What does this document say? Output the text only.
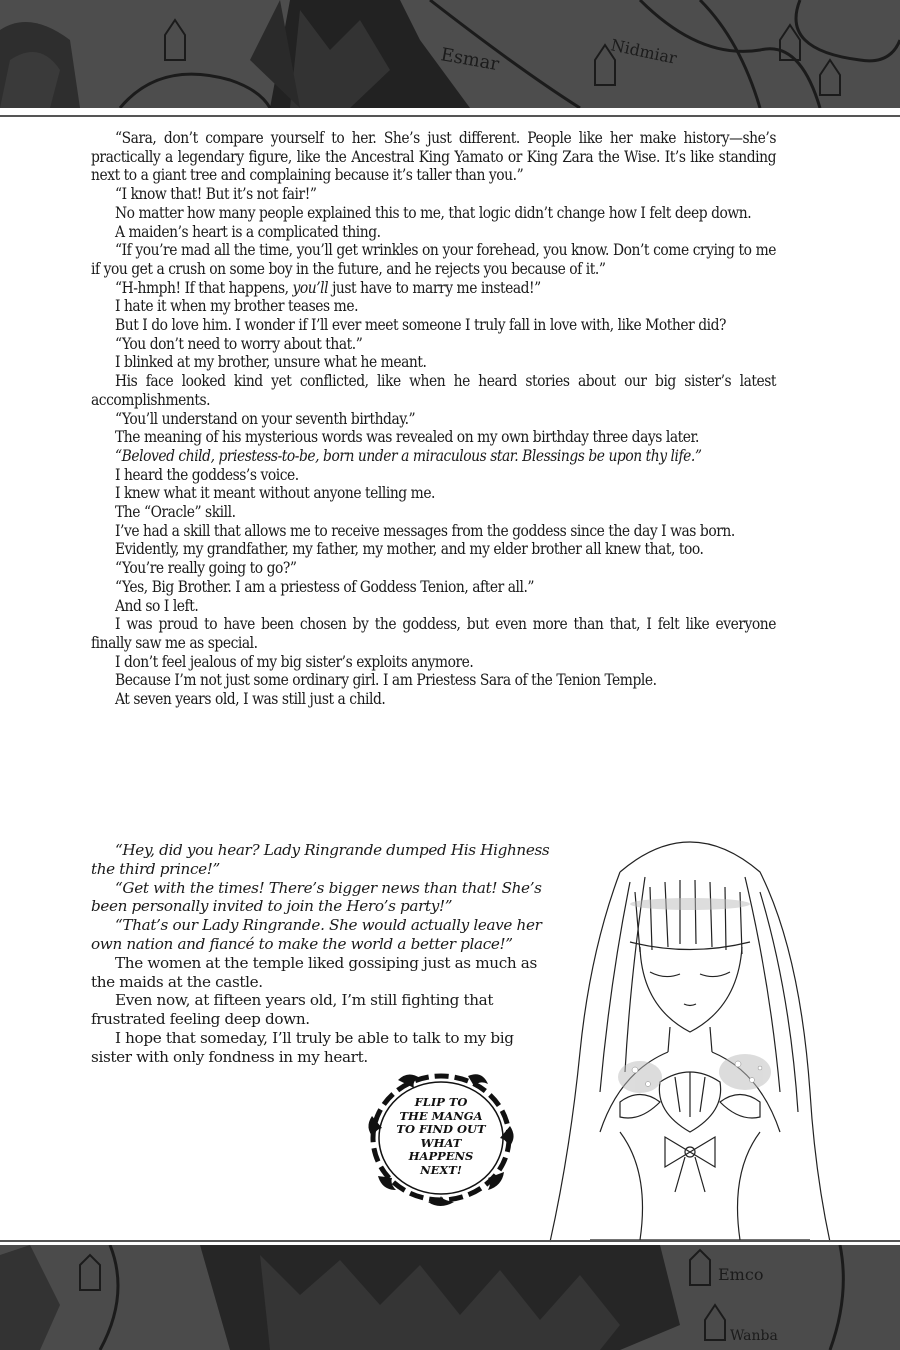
Esmar	Nidmiar

“Sara, don’t compare yourself to her. She’s just different. People like her make history—she’s practically a legendary figure, like the Ancestral King Yamato or King Zara the Wise. It’s like standing next to a giant tree and complaining because it’s taller than you.”

“I know that! But it’s not fair!”

No matter how many people explained this to me, that logic didn’t change how I felt deep down.

A maiden’s heart is a complicated thing.

“If you’re mad all the time, you’ll get wrinkles on your forehead, you know. Don’t come crying to me if you get a crush on some boy in the future, and he rejects you because of it.”

“H-hmph! If that happens, you’ll just have to marry me instead!”

I hate it when my brother teases me.

But I do love him. I wonder if I’ll ever meet someone I truly fall in love with, like Mother did?

“You don’t need to worry about that.”

I blinked at my brother, unsure what he meant.

His face looked kind yet conflicted, like when he heard stories about our big sister’s latest accomplishments.

“You’ll understand on your seventh birthday.”

The meaning of his mysterious words was revealed on my own birthday three days later.

“Beloved child, priestess-to-be, born under a miraculous star. Blessings be upon thy life.”

I heard the goddess’s voice.

I knew what it meant without anyone telling me.

The “Oracle” skill.

I’ve had a skill that allows me to receive messages from the goddess since the day I was born.

Evidently, my grandfather, my father, my mother, and my elder brother all knew that, too.

“You’re really going to go?”

“Yes, Big Brother. I am a priestess of Goddess Tenion, after all.”

And so I left.

I was proud to have been chosen by the goddess, but even more than that, I felt like everyone finally saw me as special.

I don’t feel jealous of my big sister’s exploits anymore.

Because I’m not just some ordinary girl. I am Priestess Sara of the Tenion Temple.

At seven years old, I was still just a child.

“Hey, did you hear? Lady Ringrande dumped His Highness the third prince!”

“Get with the times! There’s bigger news than that! She’s been personally invited to join the Hero’s party!”

“That’s our Lady Ringrande. She would actually leave her own nation and fiancé to make the world a better place!”

The women at the temple liked gossiping just as much as the maids at the castle.

Even now, at fifteen years old, I’m still fighting that frustrated feeling deep down.

I hope that someday, I’ll truly be able to talk to my big sister with only fondness in my heart.

FLIP TO
THE MANGA
TO FIND OUT
WHAT
HAPPENS
NEXT!
Emco
Wanba
